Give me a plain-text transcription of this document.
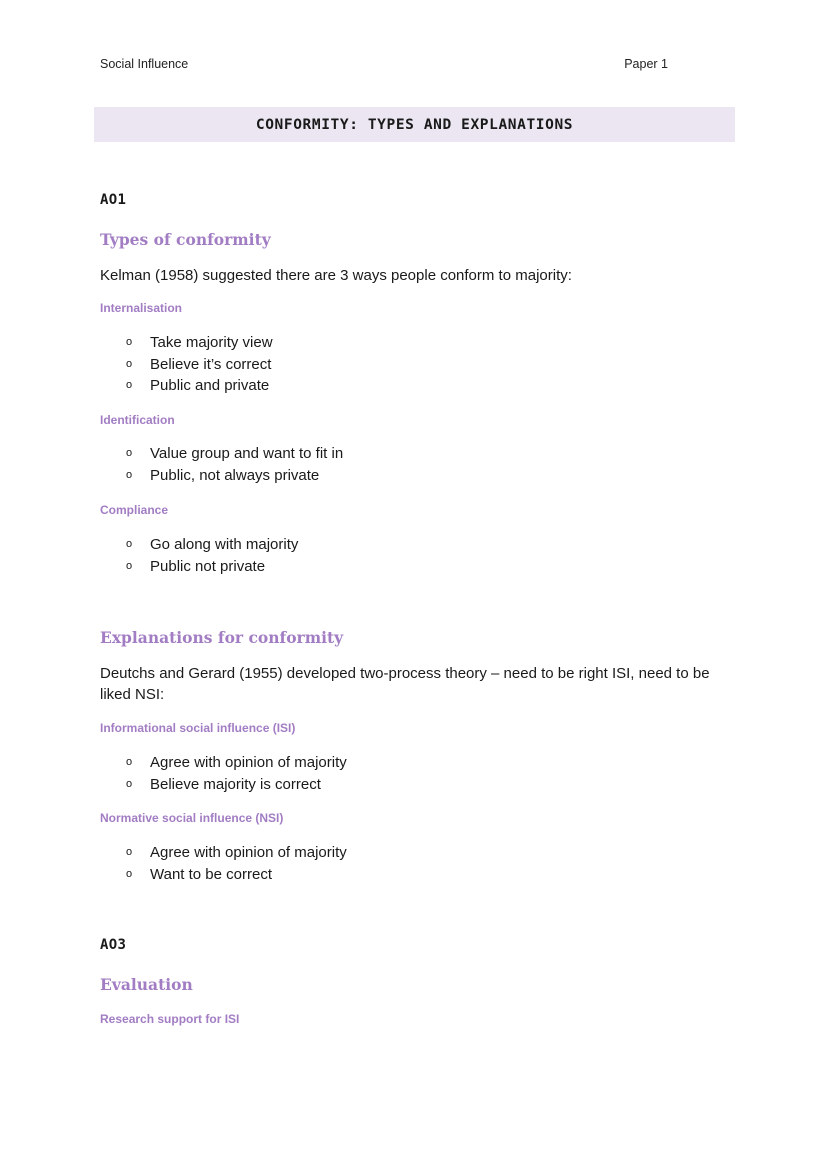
Social Influence	Paper 1
CONFORMITY: TYPES AND EXPLANATIONS
AO1
Types of conformity
Kelman (1958) suggested there are 3 ways people conform to majority:
Internalisation
o Take majority view
o Believe it’s correct
o Public and private
Identification
o Value group and want to fit in
o Public, not always private
Compliance
o Go along with majority
o Public not private
Explanations for conformity
Deutchs and Gerard (1955) developed two-process theory – need to be right ISI, need to be liked NSI:
Informational social influence (ISI)
o Agree with opinion of majority
o Believe majority is correct
Normative social influence (NSI)
o Agree with opinion of majority
o Want to be correct
AO3
Evaluation
Research support for ISI
